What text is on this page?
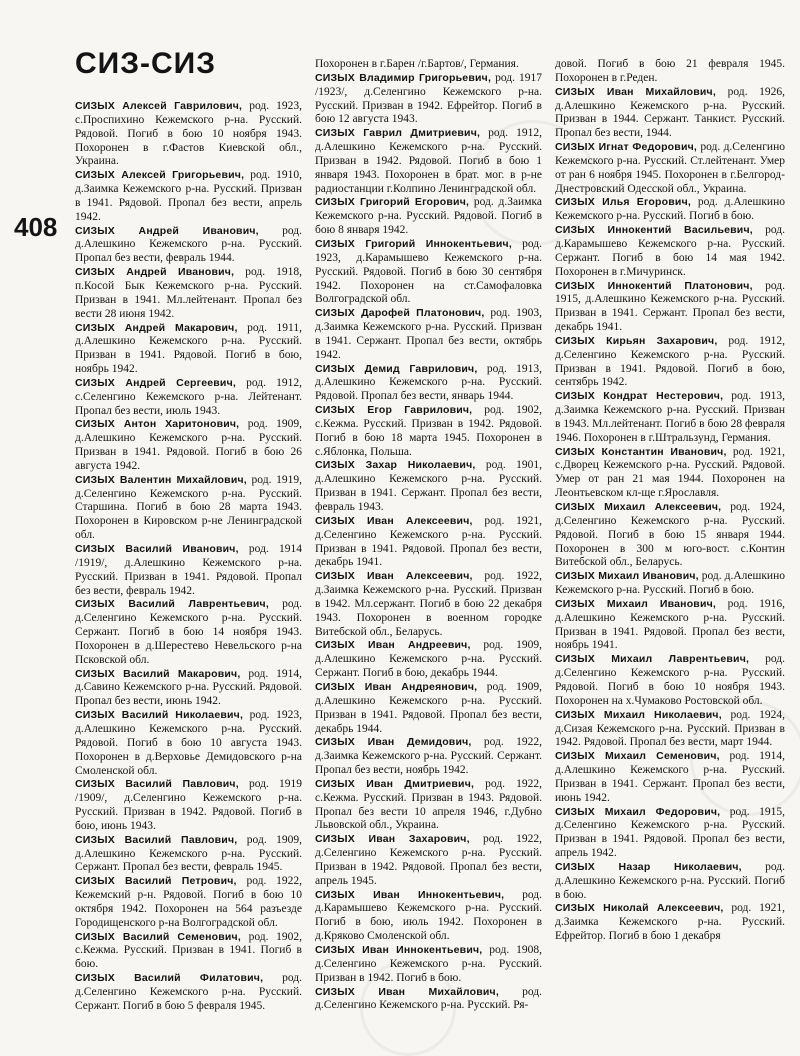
СИЗ-СИЗ
408

СИЗЫХ Алексей Гаврилович, род. 1923, с.Проспихино Кежемского р-на. Русский. Рядовой. Погиб в бою 10 ноября 1943. Похоронен в г.Фастов Киевской обл., Украина.

СИЗЫХ Алексей Григорьевич, род. 1910, д.Заимка Кежемского р-на. Русский. Призван в 1941. Рядовой. Пропал без вести, апрель 1942.

СИЗЫХ Андрей Иванович, род. д.Алешкино Кежемского р-на. Русский. Пропал без вести, февраль 1944.

СИЗЫХ Андрей Иванович, род. 1918, п.Косой Бык Кежемского р-на. Русский. Призван в 1941. Мл.лейтенант. Пропал без вести 28 июня 1942.

СИЗЫХ Андрей Макарович, род. 1911, д.Алешкино Кежемского р-на. Русский. Призван в 1941. Рядовой. Погиб в бою, ноябрь 1942.

СИЗЫХ Андрей Сергеевич, род. 1912, с.Селенгино Кежемского р-на. Лейтенант. Пропал без вести, июль 1943.

СИЗЫХ Антон Харитонович, род. 1909, д.Алешкино Кежемского р-на. Русский. Призван в 1941. Рядовой. Погиб в бою 26 августа 1942.

СИЗЫХ Валентин Михайлович, род. 1919, д.Селенгино Кежемского р-на. Русский. Старшина. Погиб в бою 28 марта 1943. Похоронен в Кировском р-не Ленинградской обл.

СИЗЫХ Василий Иванович, род. 1914 /1919/, д.Алешкино Кежемского р-на. Русский. Призван в 1941. Рядовой. Пропал без вести, февраль 1942.

СИЗЫХ Василий Лаврентьевич, род. д.Селенгино Кежемского р-на. Русский. Сержант. Погиб в бою 14 ноября 1943. Похоронен в д.Шерестево Невельского р-на Псковской обл.

СИЗЫХ Василий Макарович, род. 1914, д.Савино Кежемского р-на. Русский. Рядовой. Пропал без вести, июнь 1942.

СИЗЫХ Василий Николаевич, род. 1923, д.Алешкино Кежемского р-на. Русский. Рядовой. Погиб в бою 10 августа 1943. Похоронен в д.Верховье Демидовского р-на Смоленской обл.

СИЗЫХ Василий Павлович, род. 1919 /1909/, д.Селенгино Кежемского р-на. Русский. Призван в 1942. Рядовой. Погиб в бою, июнь 1943.

СИЗЫХ Василий Павлович, род. 1909, д.Алешкино Кежемского р-на. Русский. Сержант. Пропал без вести, февраль 1945.

СИЗЫХ Василий Петрович, род. 1922, Кежемский р-н. Рядовой. Погиб в бою 10 октября 1942. Похоронен на 564 разъезде Городищенского р-на Волгоградской обл.

СИЗЫХ Василий Семенович, род. 1902, с.Кежма. Русский. Призван в 1941. Погиб в бою.

СИЗЫХ Василий Филатович, род. д.Селенгино Кежемского р-на. Русский. Сержант. Погиб в бою 5 февраля 1945.

Похоронен в г.Барен /г.Бартов/, Германия.

СИЗЫХ Владимир Григорьевич, род. 1917 /1923/, д.Селенгино Кежемского р-на. Русский. Призван в 1942. Ефрейтор. Погиб в бою 12 августа 1943.

СИЗЫХ Гаврил Дмитриевич, род. 1912, д.Алешкино Кежемского р-на. Русский. Призван в 1942. Рядовой. Погиб в бою 1 января 1943. Похоронен в брат. мог. в р-не радиостанции г.Колпино Ленинградской обл.

СИЗЫХ Григорий Егорович, род. д.Заимка Кежемского р-на. Русский. Рядовой. Погиб в бою 8 января 1942.

СИЗЫХ Григорий Иннокентьевич, род. 1923, д.Карамышево Кежемского р-на. Русский. Рядовой. Погиб в бою 30 сентября 1942. Похоронен на ст.Самофаловка Волгоградской обл.

СИЗЫХ Дарофей Платонович, род. 1903, д.Заимка Кежемского р-на. Русский. Призван в 1941. Сержант. Пропал без вести, октябрь 1942.

СИЗЫХ Демид Гаврилович, род. 1913, д.Алешкино Кежемского р-на. Русский. Рядовой. Пропал без вести, январь 1944.

СИЗЫХ Егор Гаврилович, род. 1902, с.Кежма. Русский. Призван в 1942. Рядовой. Погиб в бою 18 марта 1945. Похоронен в с.Яблонка, Польша.

СИЗЫХ Захар Николаевич, род. 1901, д.Алешкино Кежемского р-на. Русский. Призван в 1941. Сержант. Пропал без вести, февраль 1943.

СИЗЫХ Иван Алексеевич, род. 1921, д.Селенгино Кежемского р-на. Русский. Призван в 1941. Рядовой. Пропал без вести, декабрь 1941.

СИЗЫХ Иван Алексеевич, род. 1922, д.Заимка Кежемского р-на. Русский. Призван в 1942. Мл.сержант. Погиб в бою 22 декабря 1943. Похоронен в военном городке Витебской обл., Беларусь.

СИЗЫХ Иван Андреевич, род. 1909, д.Алешкино Кежемского р-на. Русский. Сержант. Погиб в бою, декабрь 1944.

СИЗЫХ Иван Андреянович, род. 1909, д.Алешкино Кежемского р-на. Русский. Призван в 1941. Рядовой. Пропал без вести, декабрь 1944.

СИЗЫХ Иван Демидович, род. 1922, д.Заимка Кежемского р-на. Русский. Сержант. Пропал без вести, ноябрь 1942.

СИЗЫХ Иван Дмитриевич, род. 1922, с.Кежма. Русский. Призван в 1943. Рядовой. Пропал без вести 10 апреля 1946, г.Дубно Львовской обл., Украина.

СИЗЫХ Иван Захарович, род. 1922, д.Селенгино Кежемского р-на. Русский. Призван в 1942. Рядовой. Пропал без вести, апрель 1945.

СИЗЫХ Иван Иннокентьевич, род. д.Карамышево Кежемского р-на. Русский. Погиб в бою, июль 1942. Похоронен в д.Кряково Смоленской обл.

СИЗЫХ Иван Иннокентьевич, род. 1908, д.Селенгино Кежемского р-на. Русский. Призван в 1942. Погиб в бою.

СИЗЫХ Иван Михайлович, род. д.Селенгино Кежемского р-на. Русский. Ря-

довой. Погиб в бою 21 февраля 1945. Похоронен в г.Реден.

СИЗЫХ Иван Михайлович, род. 1926, д.Алешкино Кежемского р-на. Русский. Призван в 1944. Сержант. Танкист. Русский. Пропал без вести, 1944.

СИЗЫХ Игнат Федорович, род. д.Селенгино Кежемского р-на. Русский. Ст.лейтенант. Умер от ран 6 ноября 1945. Похоронен в г.Белгород-Днестровский Одесской обл., Украина.

СИЗЫХ Илья Егорович, род. д.Алешкино Кежемского р-на. Русский. Погиб в бою.

СИЗЫХ Иннокентий Васильевич, род. д.Карамышево Кежемского р-на. Русский. Сержант. Погиб в бою 14 мая 1942. Похоронен в г.Мичуринск.

СИЗЫХ Иннокентий Платонович, род. 1915, д.Алешкино Кежемского р-на. Русский. Призван в 1941. Сержант. Пропал без вести, декабрь 1941.

СИЗЫХ Кирьян Захарович, род. 1912, д.Селенгино Кежемского р-на. Русский. Призван в 1941. Рядовой. Погиб в бою, сентябрь 1942.

СИЗЫХ Кондрат Нестерович, род. 1913, д.Заимка Кежемского р-на. Русский. Призван в 1943. Мл.лейтенант. Погиб в бою 28 февраля 1946. Похоронен в г.Штральзунд, Германия.

СИЗЫХ Константин Иванович, род. 1921, с.Дворец Кежемского р-на. Русский. Рядовой. Умер от ран 21 мая 1944. Похоронен на Леонтьевском кл-ще г.Ярославля.

СИЗЫХ Михаил Алексеевич, род. 1924, д.Селенгино Кежемского р-на. Русский. Рядовой. Погиб в бою 15 января 1944. Похоронен в 300 м юго-вост. с.Контин Витебской обл., Беларусь.

СИЗЫХ Михаил Иванович, род. д.Алешкино Кежемского р-на. Русский. Погиб в бою.

СИЗЫХ Михаил Иванович, род. 1916, д.Алешкино Кежемского р-на. Русский. Призван в 1941. Рядовой. Пропал без вести, ноябрь 1941.

СИЗЫХ Михаил Лаврентьевич, род. д.Селенгино Кежемского р-на. Русский. Рядовой. Погиб в бою 10 ноября 1943. Похоронен на х.Чумаково Ростовской обл.

СИЗЫХ Михаил Николаевич, род. 1924, д.Сизая Кежемского р-на. Русский. Призван в 1942. Рядовой. Пропал без вести, март 1944.

СИЗЫХ Михаил Семенович, род. 1914, д.Алешкино Кежемского р-на. Русский. Призван в 1941. Сержант. Пропал без вести, июнь 1942.

СИЗЫХ Михаил Федорович, род. 1915, д.Селенгино Кежемского р-на. Русский. Призван в 1941. Рядовой. Пропал без вести, апрель 1942.

СИЗЫХ Назар Николаевич, род. д.Алешкино Кежемского р-на. Русский. Погиб в бою.

СИЗЫХ Николай Алексеевич, род. 1921, д.Заимка Кежемского р-на. Русский. Ефрейтор. Погиб в бою 1 декабря
